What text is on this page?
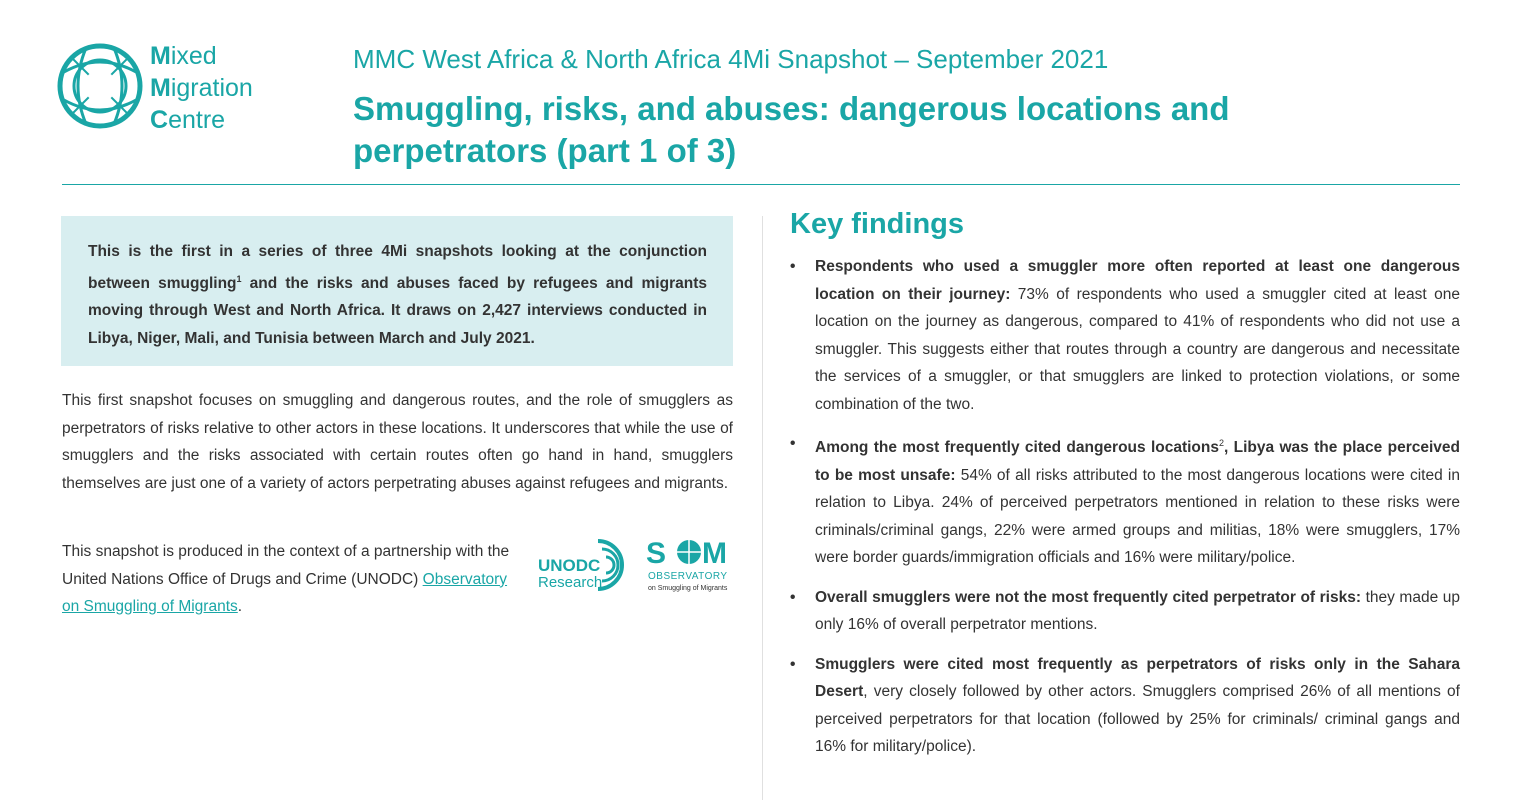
Mixed
Migration
Centre
MMC West Africa & North Africa 4Mi Snapshot – September 2021
Smuggling, risks, and abuses: dangerous locations and perpetrators (part 1 of 3)
This is the first in a series of three 4Mi snapshots looking at the conjunction between smuggling$^1$ and the risks and abuses faced by refugees and migrants moving through West and North Africa. It draws on 2,427 interviews conducted in Libya, Niger, Mali, and Tunisia between March and July 2021.
This first snapshot focuses on smuggling and dangerous routes, and the role of smugglers as perpetrators of risks relative to other actors in these locations. It underscores that while the use of smugglers and the risks associated with certain routes often go hand in hand, smugglers themselves are just one of a variety of actors perpetrating abuses against refugees and migrants.
This snapshot is produced in the context of a partnership with the United Nations Office of Drugs and Crime (UNODC) Observatory on Smuggling of Migrants.
UNODC
Research
S M
OBSERVATORY
on Smuggling of Migrants
Key findings
• Respondents who used a smuggler more often reported at least one dangerous location on their journey: 73% of respondents who used a smuggler cited at least one location on the journey as dangerous, compared to 41% of respondents who did not use a smuggler. This suggests either that routes through a country are dangerous and necessitate the services of a smuggler, or that smugglers are linked to protection violations, or some combination of the two.
• Among the most frequently cited dangerous locations$^2$, Libya was the place perceived to be most unsafe: 54% of all risks attributed to the most dangerous locations were cited in relation to Libya. 24% of perceived perpetrators mentioned in relation to these risks were criminals/criminal gangs, 22% were armed groups and militias, 18% were smugglers, 17% were border guards/immigration officials and 16% were military/police.
• Overall smugglers were not the most frequently cited perpetrator of risks: they made up only 16% of overall perpetrator mentions.
• Smugglers were cited most frequently as perpetrators of risks only in the Sahara Desert, very closely followed by other actors. Smugglers comprised 26% of all mentions of perceived perpetrators for that location (followed by 25% for criminals/ criminal gangs and 16% for military/police).
